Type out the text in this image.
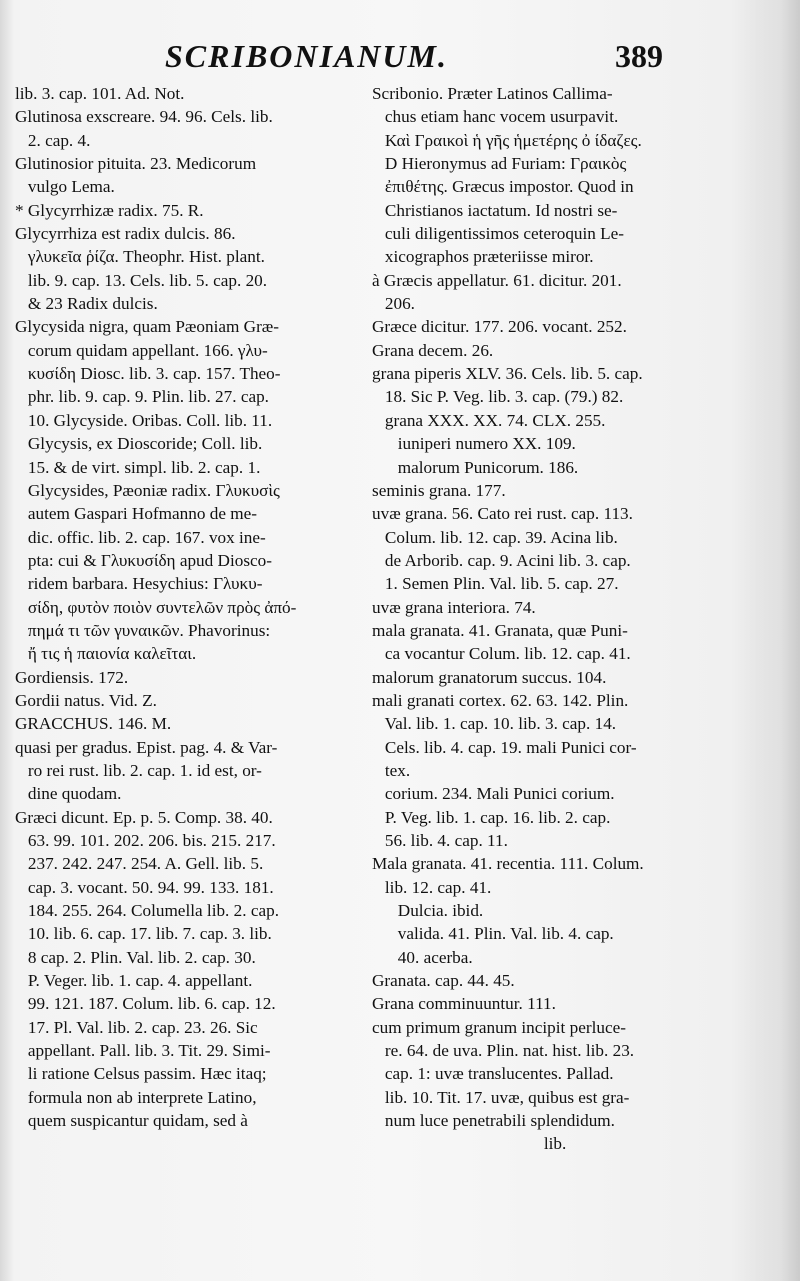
SCRIBONIANUM.	389
lib. 3. cap. 101. Ad. Not.
Glutinosa exscreare. 94. 96. Cels. lib.
2. cap. 4.
Glutinosior pituita. 23. Medicorum
vulgo Lema.
* Glycyrrhizæ radix. 75. R.
Glycyrrhiza est radix dulcis. 86.
γλυκεῖα ῥίζα. Theophr. Hist. plant.
lib. 9. cap. 13. Cels. lib. 5. cap. 20.
& 23 Radix dulcis.
Glycysida nigra, quam Pæoniam Græ-
corum quidam appellant. 166. γλυ-
κυσίδη Diosc. lib. 3. cap. 157. Theo-
phr. lib. 9. cap. 9. Plin. lib. 27. cap.
10. Glycyside. Oribas. Coll. lib. 11.
Glycysis, ex Dioscoride; Coll. lib.
15. & de virt. simpl. lib. 2. cap. 1.
Glycysides, Pæoniæ radix. Γλυκυσὶς
autem Gaspari Hofmanno de me-
dic. offic. lib. 2. cap. 167. vox ine-
pta: cui & Γλυκυσίδη apud Diosco-
ridem barbara. Hesychius: Γλυκυ-
σίδη, φυτὸν ποιὸν συντελῶν πρὸς ἀπό-
πημά τι τῶν γυναικῶν. Phavorinus:
ἤ τις ἡ παιονία καλεῖται.
Gordiensis. 172.
Gordii natus. Vid. Z.
GRACCHUS. 146. M.
quasi per gradus. Epist. pag. 4. & Var-
ro rei rust. lib. 2. cap. 1. id est, or-
dine quodam.
Græci dicunt. Ep. p. 5. Comp. 38. 40.
63. 99. 101. 202. 206. bis. 215. 217.
237. 242. 247. 254. A. Gell. lib. 5.
cap. 3. vocant. 50. 94. 99. 133. 181.
184. 255. 264. Columella lib. 2. cap.
10. lib. 6. cap. 17. lib. 7. cap. 3. lib.
8 cap. 2. Plin. Val. lib. 2. cap. 30.
P. Veger. lib. 1. cap. 4. appellant.
99. 121. 187. Colum. lib. 6. cap. 12.
17. Pl. Val. lib. 2. cap. 23. 26. Sic
appellant. Pall. lib. 3. Tit. 29. Simi-
li ratione Celsus passim. Hæc itaq;
formula non ab interprete Latino,
quem suspicantur quidam, sed à
Scribonio. Præter Latinos Callima-
chus etiam hanc vocem usurpavit.
Καὶ Γραικοὶ ἡ γῆς ἡμετέρης ὀ ίδαζες.
D Hieronymus ad Furiam: Γραικὸς
ἐπιθέτης. Græcus impostor. Quod in
Christianos iactatum. Id nostri se-
culi diligentissimos ceteroquin Le-
xicographos præteriisse miror.
à Græcis appellatur. 61. dicitur. 201.
206.
Græce dicitur. 177. 206. vocant. 252.
Grana decem. 26.
grana piperis XLV. 36. Cels. lib. 5. cap.
18. Sic P. Veg. lib. 3. cap. (79.) 82.
grana XXX. XX. 74. CLX. 255.
iuniperi numero XX. 109.
malorum Punicorum. 186.
seminis grana. 177.
uvæ grana. 56. Cato rei rust. cap. 113.
Colum. lib. 12. cap. 39. Acina lib.
de Arborib. cap. 9. Acini lib. 3. cap.
1. Semen Plin. Val. lib. 5. cap. 27.
uvæ grana interiora. 74.
mala granata. 41. Granata, quæ Puni-
ca vocantur Colum. lib. 12. cap. 41.
malorum granatorum succus. 104.
mali granati cortex. 62. 63. 142. Plin.
Val. lib. 1. cap. 10. lib. 3. cap. 14.
Cels. lib. 4. cap. 19. mali Punici cor-
tex.
corium. 234. Mali Punici corium.
P. Veg. lib. 1. cap. 16. lib. 2. cap.
56. lib. 4. cap. 11.
Mala granata. 41. recentia. 111. Colum.
lib. 12. cap. 41.
Dulcia. ibid.
valida. 41. Plin. Val. lib. 4. cap.
40. acerba.
Granata. cap. 44. 45.
Grana comminuuntur. 111.
cum primum granum incipit perluce-
re. 64. de uva. Plin. nat. hist. lib. 23.
cap. 1: uvæ translucentes. Pallad.
lib. 10. Tit. 17. uvæ, quibus est gra-
num luce penetrabili splendidum.
lib.
